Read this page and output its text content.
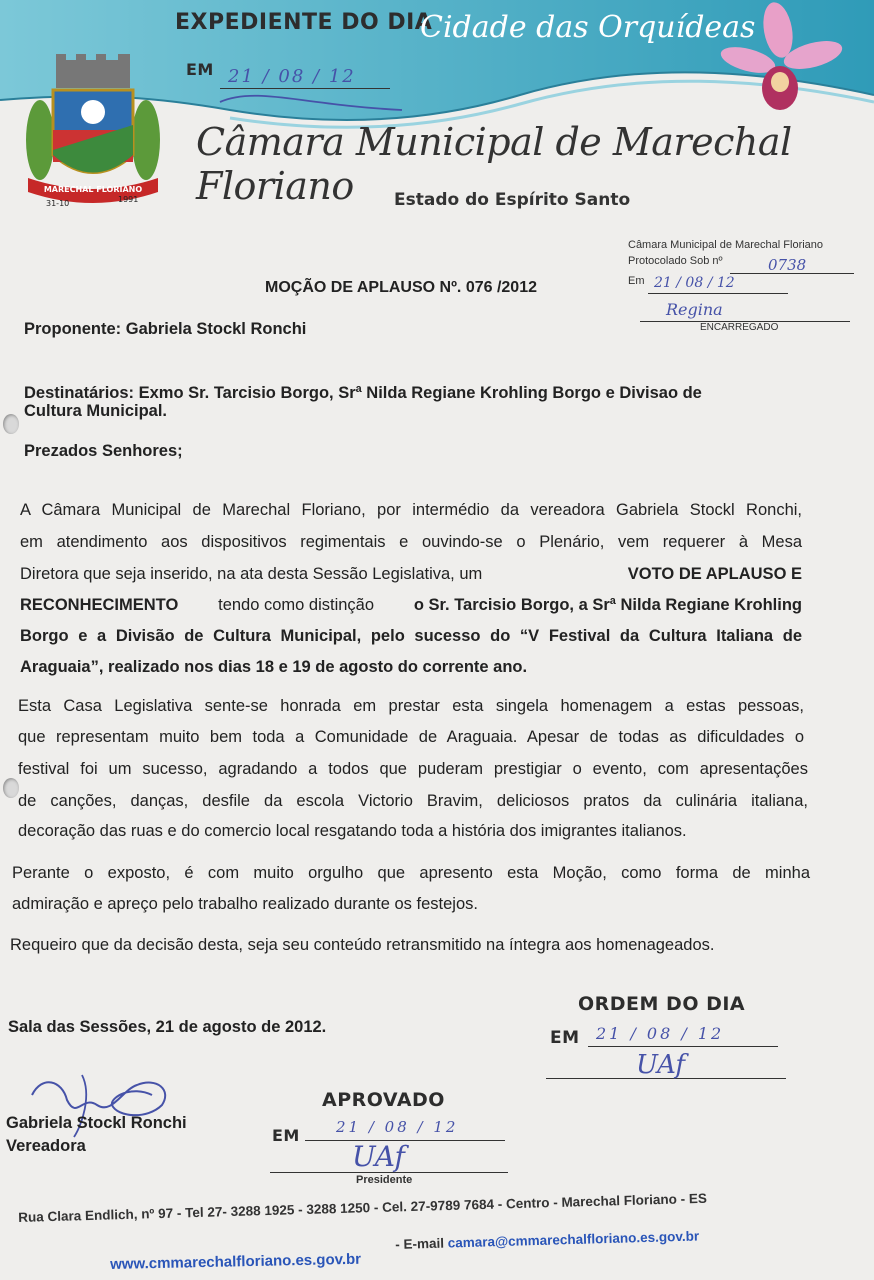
MARECHAL FLORIANO
31-10	1991
EXPEDIENTE DO DIA
EM 21 / 08 / 12
Cidade das Orquídeas
Câmara Municipal de Marechal Floriano	Estado do Espírito Santo
Câmara Municipal de Marechal Floriano
Protocolado Sob nº	0738
Em 21 / 08 / 12
Regina
ENCARREGADO
MOÇÃO DE APLAUSO Nº. 076 /2012
Proponente: Gabriela Stockl Ronchi
Destinatários: Exmo Sr. Tarcisio Borgo, Srª Nilda Regiane Krohling Borgo e Divisao de
Cultura Municipal.
Prezados Senhores;
A Câmara Municipal de Marechal Floriano, por intermédio da vereadora Gabriela Stockl Ronchi,
em atendimento aos dispositivos regimentais e ouvindo-se o Plenário, vem requerer à Mesa
Diretora que seja inserido, na ata desta Sessão Legislativa, um	VOTO DE APLAUSO E
RECONHECIMENTO tendo como distinção o Sr. Tarcisio Borgo, a Srª Nilda Regiane Krohling
Borgo e a Divisão de Cultura Municipal, pelo sucesso do “V Festival da Cultura Italiana de
Araguaia”, realizado nos dias 18 e 19 de agosto do corrente ano.
Esta Casa Legislativa sente-se honrada em prestar esta singela homenagem a estas pessoas,
que representam muito bem toda a Comunidade de Araguaia. Apesar de todas as dificuldades o
festival foi um sucesso, agradando a todos que puderam prestigiar o evento, com apresentações
de canções, danças, desfile da escola Victorio Bravim, deliciosos pratos da culinária italiana,
decoração das ruas e do comercio local resgatando toda a história dos imigrantes italianos.
Perante o exposto, é com muito orgulho que apresento esta Moção, como forma de minha
admiração e apreço pelo trabalho realizado durante os festejos.
Requeiro que da decisão desta, seja seu conteúdo retransmitido na íntegra aos homenageados.
Sala das Sessões, 21 de agosto de 2012.
Gabriela Stockl Ronchi
Vereadora
ORDEM DO DIA
EM 21 / 08 / 12
UAf
APROVADO
EM 21 / 08 / 12
UAf
Presidente
Rua Clara Endlich, nº 97 - Tel 27- 3288 1925 - 3288 1250 - Cel. 27-9789 7684 - Centro - Marechal Floriano - ES
- E-mail camara@cmmarechalfloriano.es.gov.br
www.cmmarechalfloriano.es.gov.br
